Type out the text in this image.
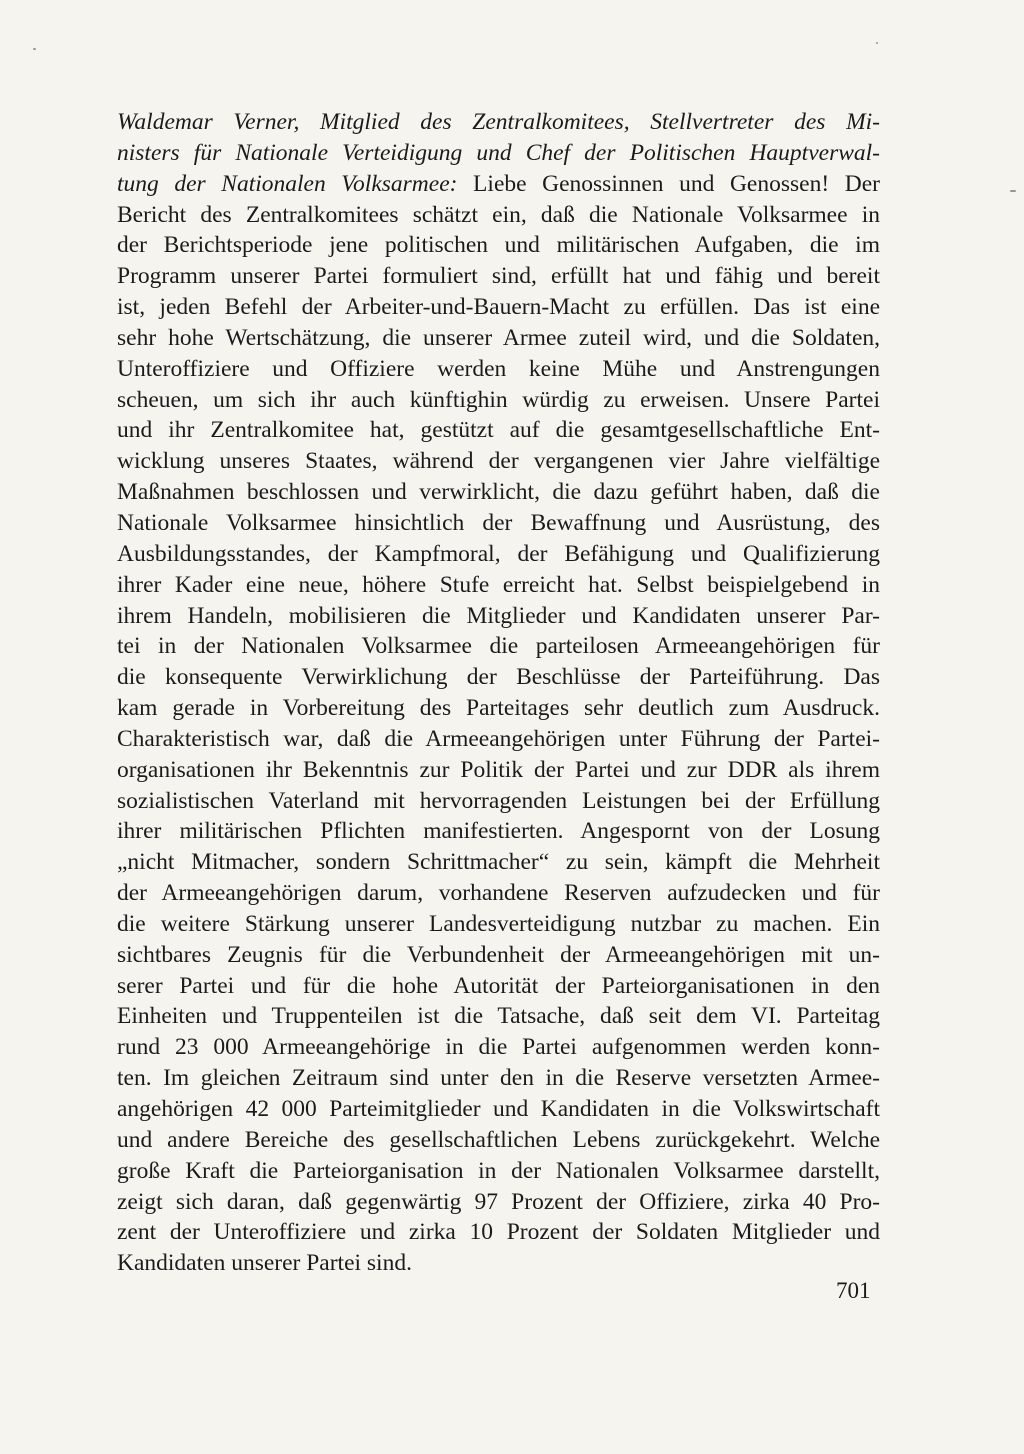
Waldemar Verner, Mitglied des Zentralkomitees, Stellvertreter des Mi-
nisters für Nationale Verteidigung und Chef der Politischen Hauptverwal-
tung der Nationalen Volksarmee: Liebe Genossinnen und Genossen! Der
Bericht des Zentralkomitees schätzt ein, daß die Nationale Volksarmee in
der Berichtsperiode jene politischen und militärischen Aufgaben, die im
Programm unserer Partei formuliert sind, erfüllt hat und fähig und bereit
ist, jeden Befehl der Arbeiter-und-Bauern-Macht zu erfüllen. Das ist eine
sehr hohe Wertschätzung, die unserer Armee zuteil wird, und die Soldaten,
Unteroffiziere und Offiziere werden keine Mühe und Anstrengungen
scheuen, um sich ihr auch künftighin würdig zu erweisen. Unsere Partei
und ihr Zentralkomitee hat, gestützt auf die gesamtgesellschaftliche Ent-
wicklung unseres Staates, während der vergangenen vier Jahre vielfältige
Maßnahmen beschlossen und verwirklicht, die dazu geführt haben, daß die
Nationale Volksarmee hinsichtlich der Bewaffnung und Ausrüstung, des
Ausbildungsstandes, der Kampfmoral, der Befähigung und Qualifizierung
ihrer Kader eine neue, höhere Stufe erreicht hat. Selbst beispielgebend in
ihrem Handeln, mobilisieren die Mitglieder und Kandidaten unserer Par-
tei in der Nationalen Volksarmee die parteilosen Armeeangehörigen für
die konsequente Verwirklichung der Beschlüsse der Parteiführung. Das
kam gerade in Vorbereitung des Parteitages sehr deutlich zum Ausdruck.
Charakteristisch war, daß die Armeeangehörigen unter Führung der Partei-
organisationen ihr Bekenntnis zur Politik der Partei und zur DDR als ihrem
sozialistischen Vaterland mit hervorragenden Leistungen bei der Erfüllung
ihrer militärischen Pflichten manifestierten. Angespornt von der Losung
„nicht Mitmacher, sondern Schrittmacher“ zu sein, kämpft die Mehrheit
der Armeeangehörigen darum, vorhandene Reserven aufzudecken und für
die weitere Stärkung unserer Landesverteidigung nutzbar zu machen. Ein
sichtbares Zeugnis für die Verbundenheit der Armeeangehörigen mit un-
serer Partei und für die hohe Autorität der Parteiorganisationen in den
Einheiten und Truppenteilen ist die Tatsache, daß seit dem VI. Parteitag
rund 23 000 Armeeangehörige in die Partei aufgenommen werden konn-
ten. Im gleichen Zeitraum sind unter den in die Reserve versetzten Armee-
angehörigen 42 000 Parteimitglieder und Kandidaten in die Volkswirtschaft
und andere Bereiche des gesellschaftlichen Lebens zurückgekehrt. Welche
große Kraft die Parteiorganisation in der Nationalen Volksarmee darstellt,
zeigt sich daran, daß gegenwärtig 97 Prozent der Offiziere, zirka 40 Pro-
zent der Unteroffiziere und zirka 10 Prozent der Soldaten Mitglieder und
Kandidaten unserer Partei sind.
701
